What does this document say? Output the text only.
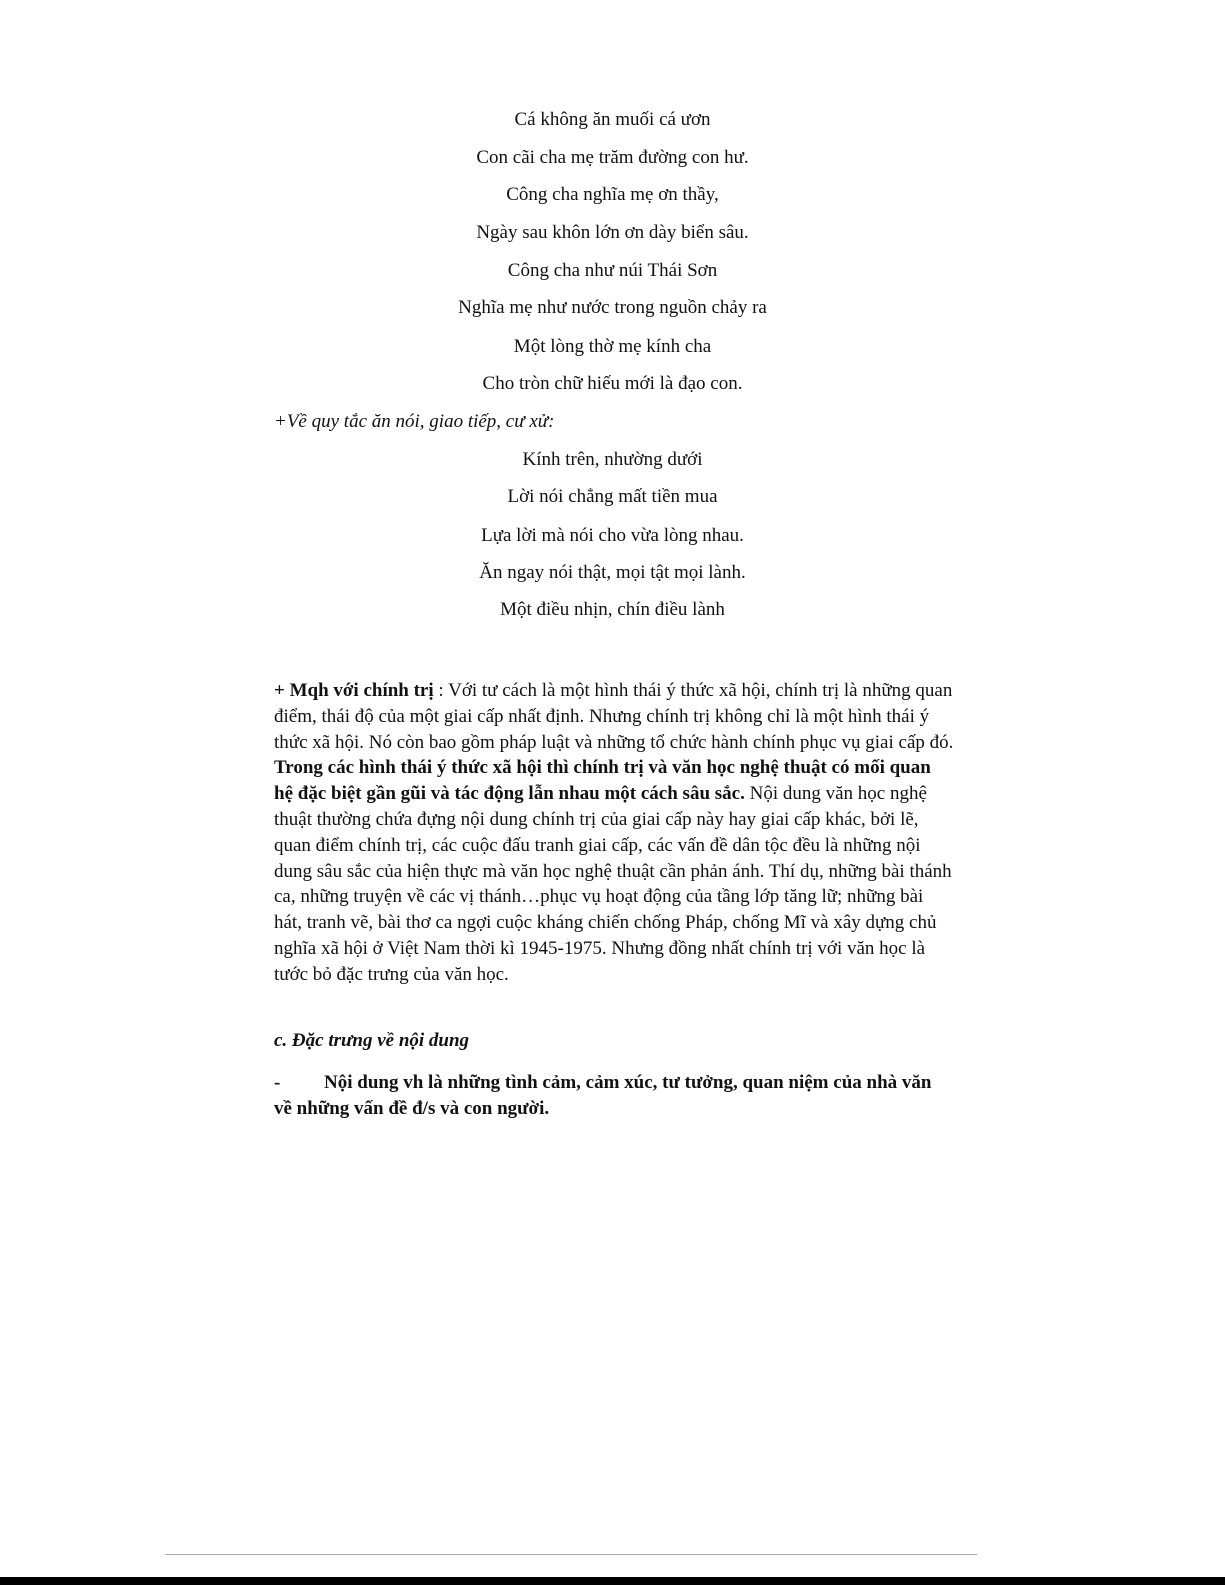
Cá không ăn muối cá ươn
Con cãi cha mẹ trăm đường con hư.
Công cha nghĩa mẹ ơn thầy,
Ngày sau khôn lớn ơn dày biển sâu.
Công cha như núi Thái Sơn
Nghĩa mẹ như nước trong nguồn chảy ra
Một lòng thờ mẹ kính cha
Cho tròn chữ hiếu mới là đạo con.
+Về quy tắc ăn nói, giao tiếp, cư xử:
Kính trên, nhường dưới
Lời nói chẳng mất tiền mua
Lựa lời mà nói cho vừa lòng nhau.
Ăn ngay nói thật, mọi tật mọi lành.
Một điều nhịn, chín điều lành
+ Mqh với chính trị : Với tư cách là một hình thái ý thức xã hội, chính trị là những quan điểm, thái độ của một giai cấp nhất định. Nhưng chính trị không chỉ là một hình thái ý thức xã hội. Nó còn bao gồm pháp luật và những tổ chức hành chính phục vụ giai cấp đó. Trong các hình thái ý thức xã hội thì chính trị và văn học nghệ thuật có mối quan hệ đặc biệt gần gũi và tác động lẫn nhau một cách sâu sắc. Nội dung văn học nghệ thuật thường chứa đựng nội dung chính trị của giai cấp này hay giai cấp khác, bởi lẽ, quan điểm chính trị, các cuộc đấu tranh giai cấp, các vấn đề dân tộc đều là những nội dung sâu sắc của hiện thực mà văn học nghệ thuật cần phản ánh. Thí dụ, những bài thánh ca, những truyện về các vị thánh…phục vụ hoạt động của tầng lớp tăng lữ; những bài hát, tranh vẽ, bài thơ ca ngợi cuộc kháng chiến chống Pháp, chống Mĩ và xây dựng chủ nghĩa xã hội ở Việt Nam thời kì 1945-1975. Nhưng đồng nhất chính trị với văn học là tước bỏ đặc trưng của văn học.
c. Đặc trưng về nội dung
- Nội dung vh là những tình cảm, cảm xúc, tư tưởng, quan niệm của nhà văn về những vấn đề đ/s và con người.
